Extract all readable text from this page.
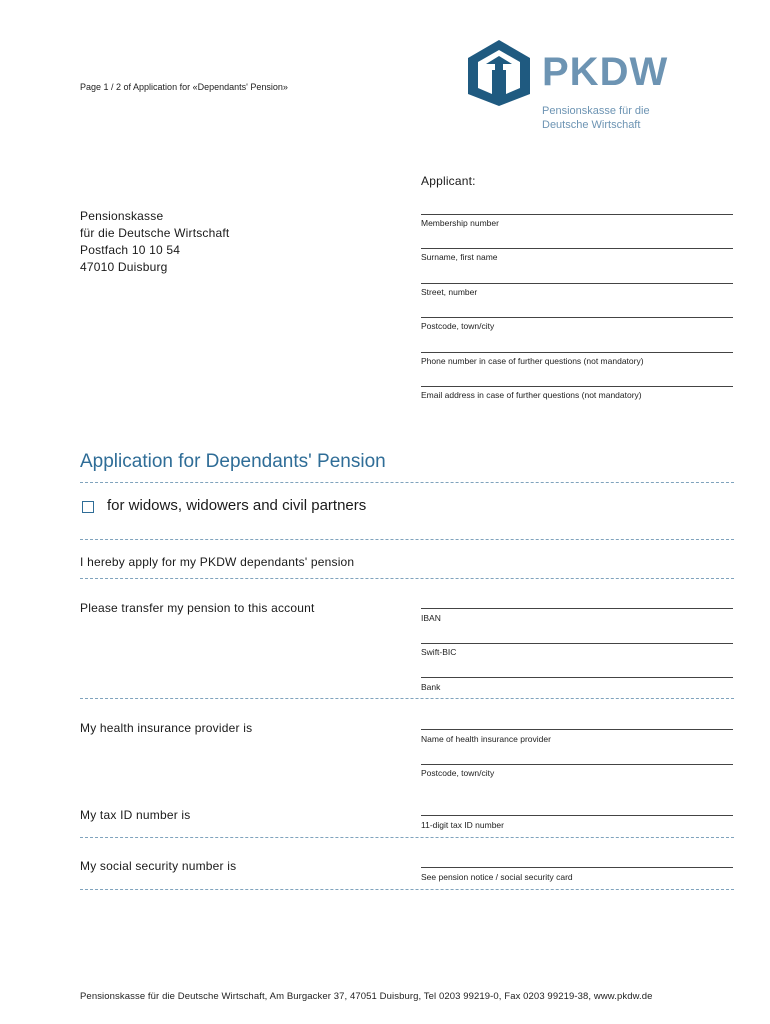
Page 1 / 2 of Application for «Dependants' Pension»	PKDW
Pensionskasse für die
Deutsche Wirtschaft
Pensionskasse
für die Deutsche Wirtschaft
Postfach 10 10 54
47010 Duisburg
Applicant:
Membership number
Surname, first name
Street, number
Postcode, town/city
Phone number in case of further questions (not mandatory)
Email address in case of further questions (not mandatory)
Application for Dependants' Pension
for widows, widowers and civil partners
I hereby apply for my PKDW dependants' pension
Please transfer my pension to this account
IBAN
Swift-BIC
Bank
My health insurance provider is
Name of health insurance provider
Postcode, town/city
My tax ID number is
11-digit tax ID number
My social security number is
See pension notice / social security card
Pensionskasse für die Deutsche Wirtschaft, Am Burgacker 37, 47051 Duisburg, Tel 0203 99219-0, Fax 0203 99219-38, www.pkdw.de
